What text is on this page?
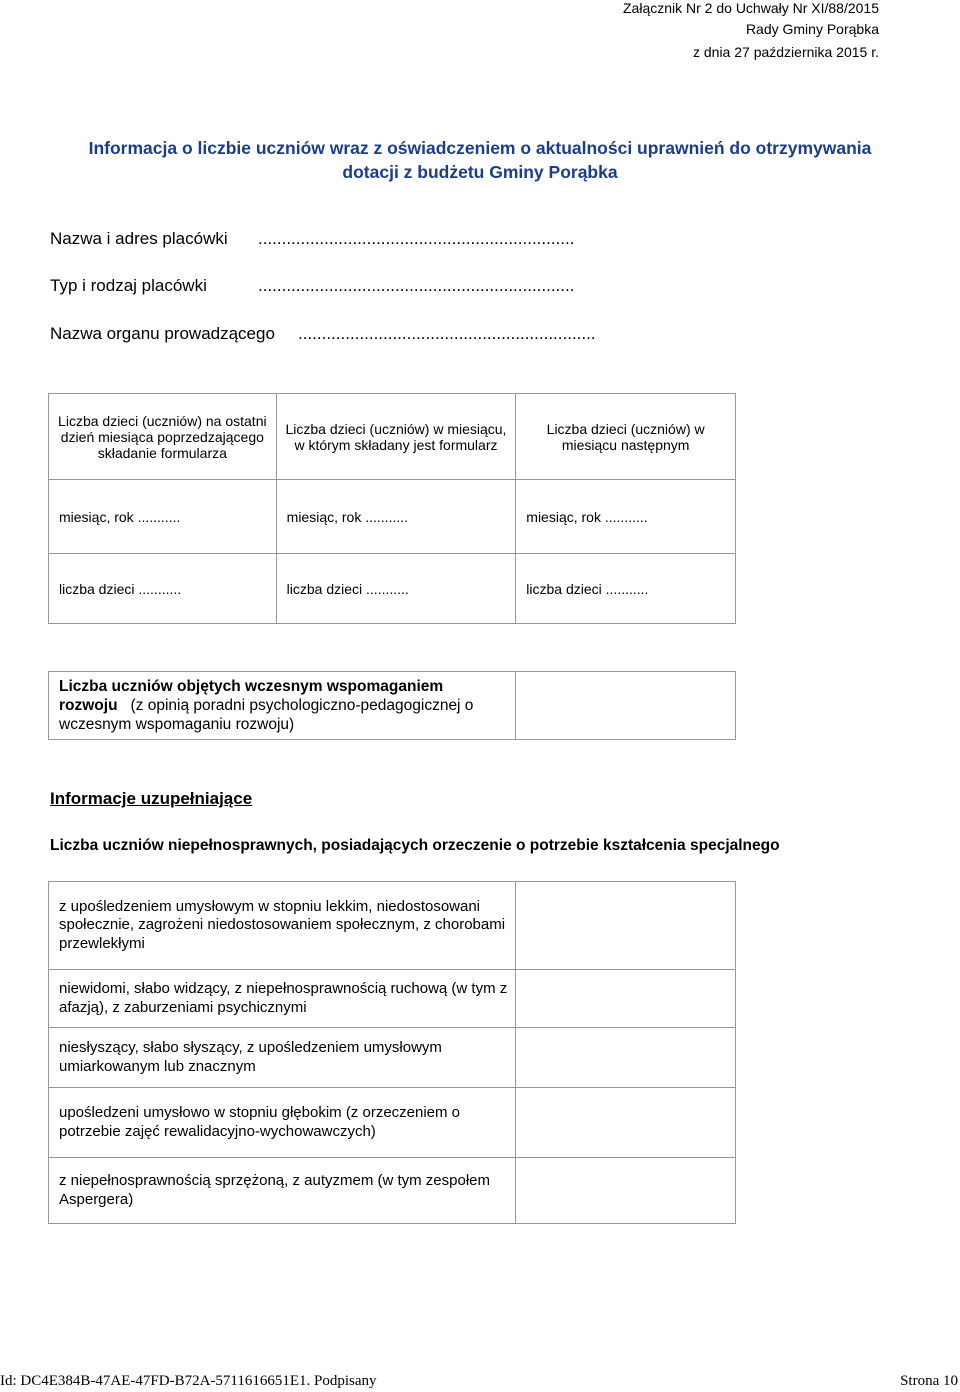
Załącznik Nr 2 do Uchwały Nr XI/88/2015
Rady Gminy Porąbka
z dnia 27 października 2015 r.
Informacja o liczbie uczniów wraz z oświadczeniem o aktualności uprawnień do otrzymywania
dotacji z budżetu Gminy Porąbka
Nazwa i adres placówki ...................................................................
Typ i rodzaj placówki	...................................................................
Nazwa organu prowadzącego ...............................................................
Liczba dzieci (uczniów) na ostatni dzień miesiąca poprzedzającego składanie formularza	Liczba dzieci (uczniów) w miesiącu, w którym składany jest formularz	Liczba dzieci (uczniów) w miesiącu następnym
miesiąc, rok ...........	miesiąc, rok ...........	miesiąc, rok ...........
liczba dzieci ...........	liczba dzieci ...........	liczba dzieci ...........
Liczba uczniów objętych wczesnym wspomaganiem rozwoju (z opinią poradni psychologiczno-pedagogicznej o wczesnym wspomaganiu rozwoju)	
Informacje uzupełniające
Liczba uczniów niepełnosprawnych, posiadających orzeczenie o potrzebie kształcenia specjalnego
z upośledzeniem umysłowym w stopniu lekkim, niedostosowani społecznie, zagrożeni niedostosowaniem społecznym, z chorobami przewlekłymi	
niewidomi, słabo widzący, z niepełnosprawnością ruchową (w tym z afazją), z zaburzeniami psychicznymi	
niesłyszący, słabo słyszący, z upośledzeniem umysłowym umiarkowanym lub znacznym	
upośledzeni umysłowo w stopniu głębokim (z orzeczeniem o potrzebie zajęć rewalidacyjno-wychowawczych)	
z niepełnosprawnością sprzężoną, z autyzmem (w tym zespołem Aspergera)	
Id: DC4E384B-47AE-47FD-B72A-5711616651E1. Podpisany	Strona 10
